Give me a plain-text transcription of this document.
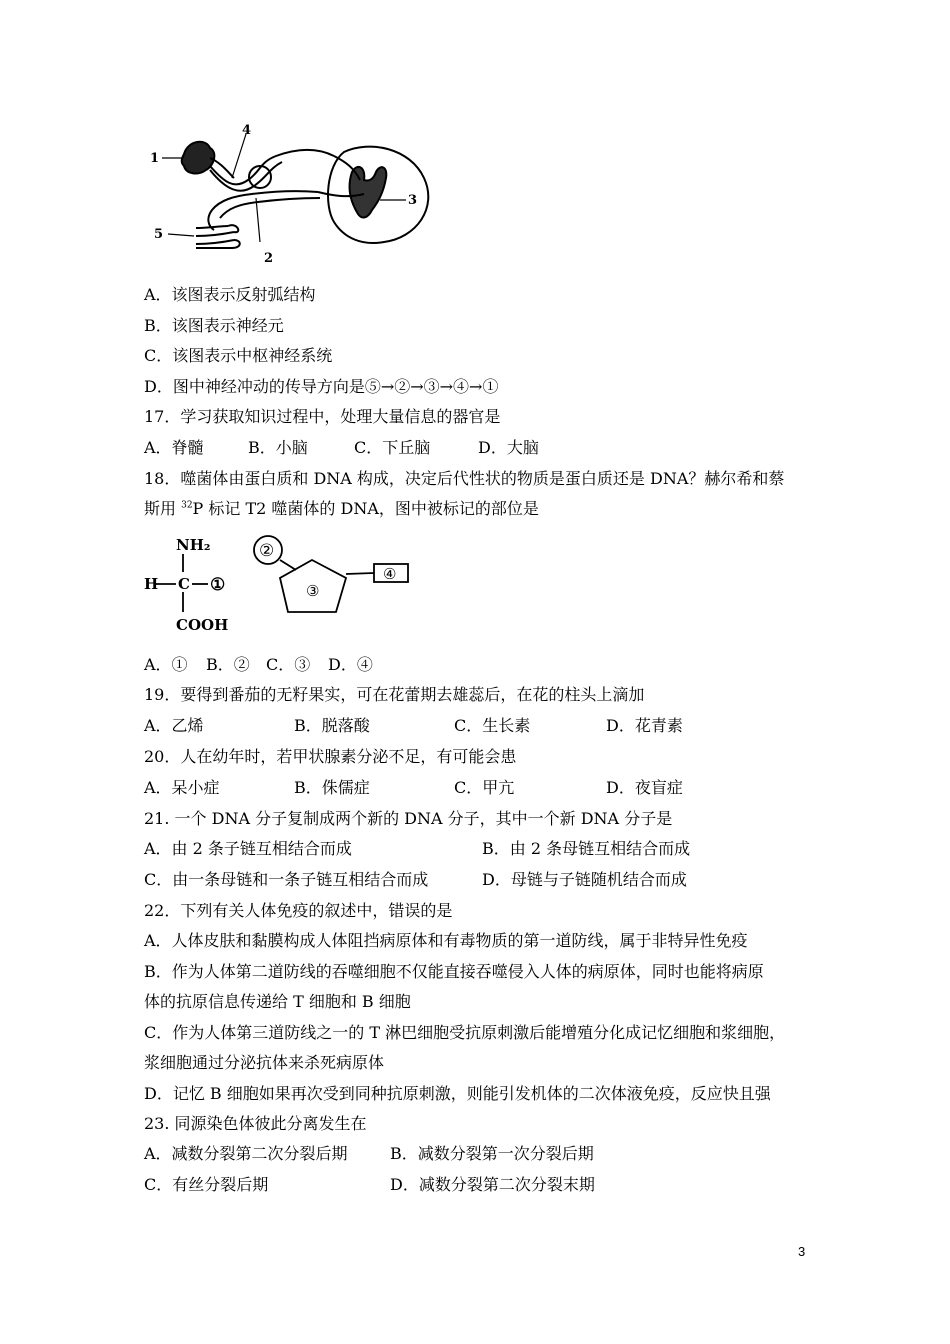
1
4
3
5
2
A．该图表示反射弧结构
B．该图表示神经元
C．该图表示中枢神经系统
D．图中神经冲动的传导方向是⑤→②→③→④→①
17．学习获取知识过程中，处理大量信息的器官是
A．脊髓	B．小脑	C．下丘脑	D．大脑
18．噬菌体由蛋白质和 DNA 构成，决定后代性状的物质是蛋白质还是 DNA？赫尔希和蔡
斯用 $^{32}$P 标记 T2 噬菌体的 DNA，图中被标记的部位是
NH₂
H C
COOH
①
②
③
④
A．① B．② C．③ D．④
19．要得到番茄的无籽果实，可在花蕾期去雄蕊后，在花的柱头上滴加
A．乙烯	B．脱落酸	C．生长素	D．花青素
20．人在幼年时，若甲状腺素分泌不足，有可能会患
A．呆小症	B．侏儒症	C．甲亢	D．夜盲症
21. 一个 DNA 分子复制成两个新的 DNA 分子，其中一个新 DNA 分子是
A．由 2 条子链互相结合而成	B．由 2 条母链互相结合而成
C．由一条母链和一条子链互相结合而成	D．母链与子链随机结合而成
22．下列有关人体免疫的叙述中，错误的是
A．人体皮肤和黏膜构成人体阻挡病原体和有毒物质的第一道防线，属于非特异性免疫
B．作为人体第二道防线的吞噬细胞不仅能直接吞噬侵入人体的病原体，同时也能将病原
体的抗原信息传递给 T 细胞和 B 细胞
C．作为人体第三道防线之一的 T 淋巴细胞受抗原刺激后能增殖分化成记忆细胞和浆细胞，
浆细胞通过分泌抗体来杀死病原体
D．记忆 B 细胞如果再次受到同种抗原刺激，则能引发机体的二次体液免疫，反应快且强
23. 同源染色体彼此分离发生在
A．减数分裂第二次分裂后期	B．减数分裂第一次分裂后期
C．有丝分裂后期	D．减数分裂第二次分裂末期
3
